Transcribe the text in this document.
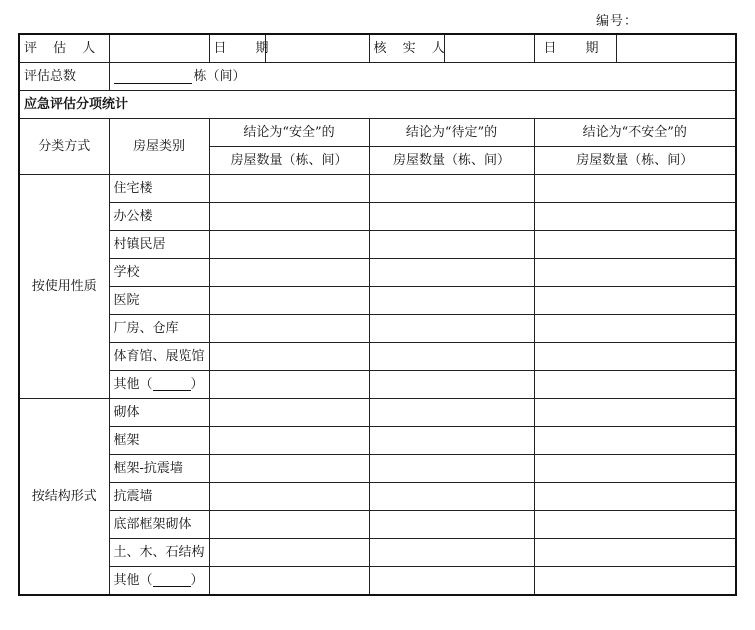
编号：
评 估 人		日　期		核 实 人		日　期	
评估总数	栋（间）						
应急评估分项统计							
分类方式	房屋类别	结论为“安全”的		结论为“待定”的		结论为“不安全”的	
		房屋数量（栋、间）		房屋数量（栋、间）		房屋数量（栋、间）	
按使用性质	住宅楼						
	办公楼						
	村镇民居						
	学校						
	医院						
	厂房、仓库						
	体育馆、展览馆						
	其他（ ）						
按结构形式	砌体						
	框架						
	框架-抗震墙						
	抗震墙						
	底部框架砌体						
	土、木、石结构						
	其他（ ）						
